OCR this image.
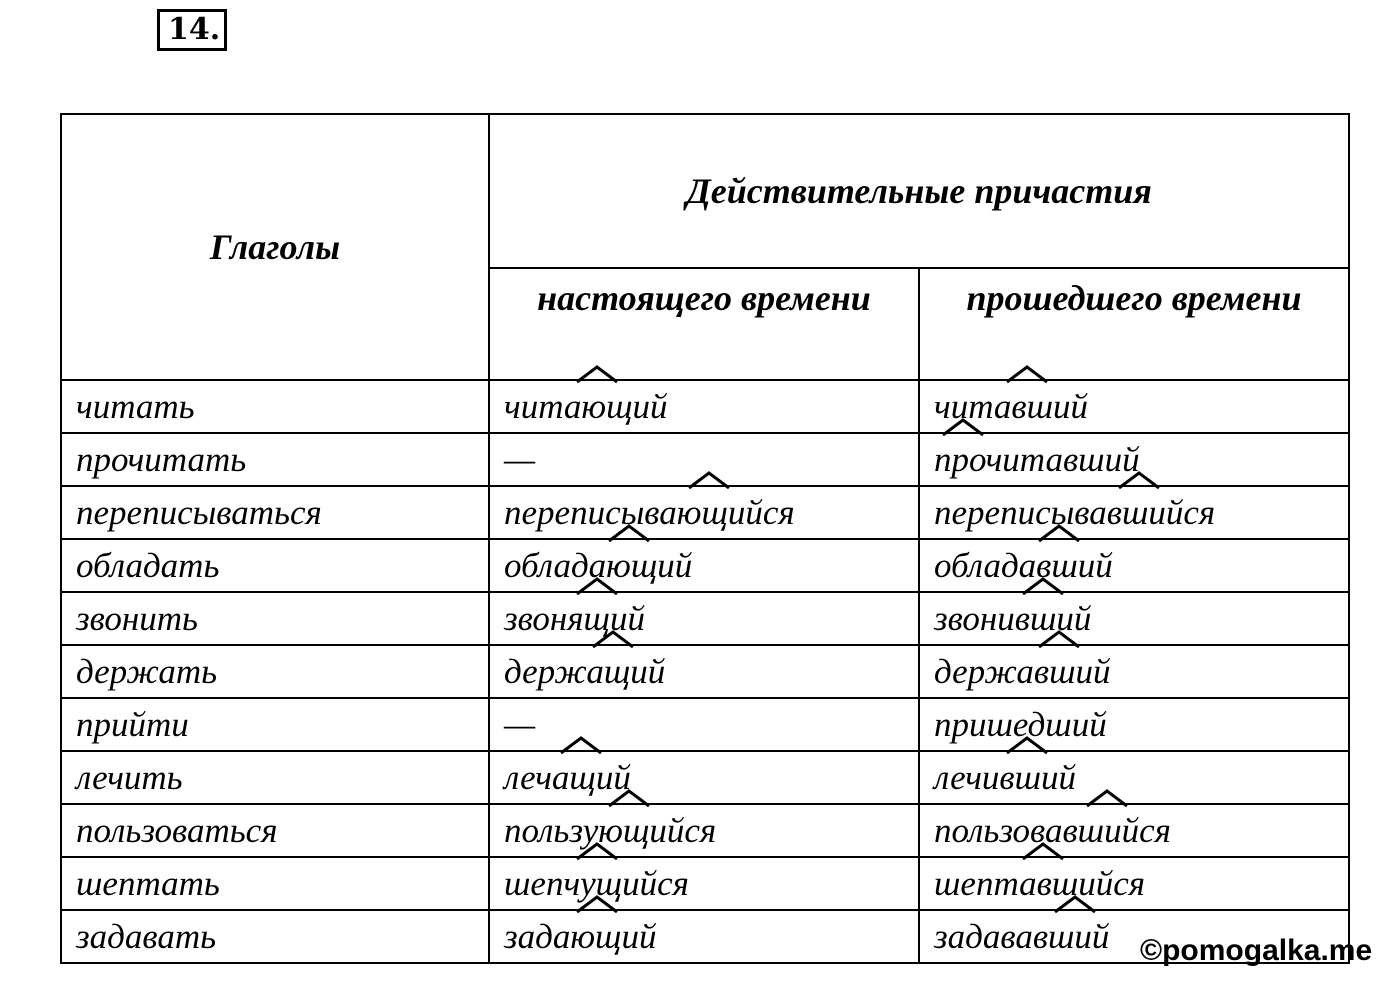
14.
Глаголы	Действительные причастия	
	настоящего времени	прошедшего времени
читать	читающий	читавший

прочитать	—	прочитавший

переписываться	переписывающийся	переписывавшийся

обладать	обладающий	обладавший

звонить	звонящий	звонивший

держать	держащий	державший

прийти	—	пришедший
лечить	лечащий	лечивший

пользоваться	пользующийся	пользовавшийся

шептать	шепчущийся	шептавшийся

задавать	задающий	задававший ©pomogalka.me
